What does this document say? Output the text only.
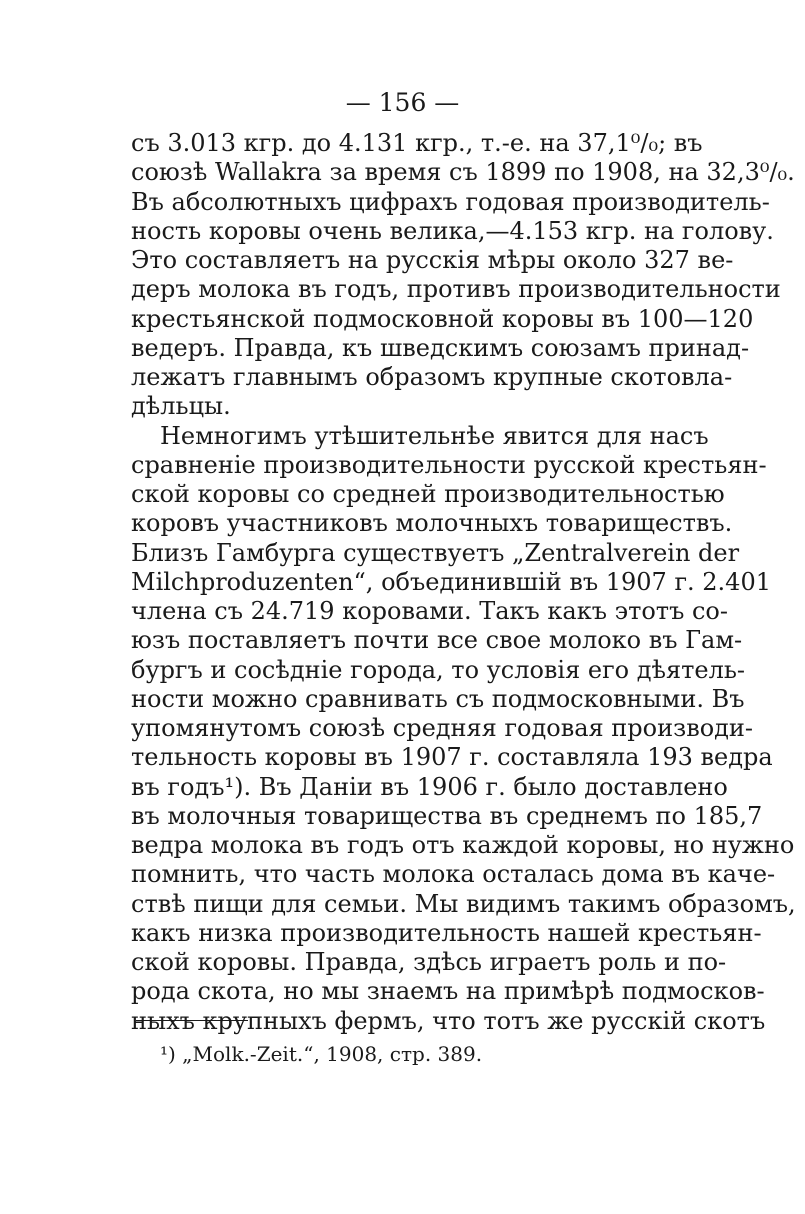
— 156 —
съ 3.013 кгр. до 4.131 кгр., т.-е. на 37,1⁰/₀; въ
союзѣ Wallakra за время съ 1899 по 1908, на 32,3⁰/₀.
Въ абсолютныхъ цифрахъ годовая производитель-
ность коровы очень велика,—4.153 кгр. на голову.
Это составляетъ на русскія мѣры около 327 ве-
деръ молока въ годъ, противъ производительности
крестьянской подмосковной коровы въ 100—120
ведеръ. Правда, къ шведскимъ союзамъ принад-
лежатъ главнымъ образомъ крупные скотовла-
дѣльцы.
Немногимъ утѣшительнѣе явится для насъ
сравненіе производительности русской крестьян-
ской коровы со средней производительностью
коровъ участниковъ молочныхъ товариществъ.
Близъ Гамбурга существуетъ „Zentralverein der
Milchproduzenten“, объединившій въ 1907 г. 2.401
члена съ 24.719 коровами. Такъ какъ этотъ со-
юзъ поставляетъ почти все свое молоко въ Гам-
бургъ и сосѣдніе города, то условія его дѣятель-
ности можно сравнивать съ подмосковными. Въ
упомянутомъ союзѣ средняя годовая производи-
тельность коровы въ 1907 г. составляла 193 ведра
въ годъ¹). Въ Даніи въ 1906 г. было доставлено
въ молочныя товарищества въ среднемъ по 185,7
ведра молока въ годъ отъ каждой коровы, но нужно
помнить, что часть молока осталась дома въ каче-
ствѣ пищи для семьи. Мы видимъ такимъ образомъ,
какъ низка производительность нашей крестьян-
ской коровы. Правда, здѣсь играетъ роль и по-
рода скота, но мы знаемъ на примѣрѣ подмосков-
ныхъ крупныхъ фермъ, что тотъ же русскій скотъ
¹) „Molk.-Zeit.“, 1908, стр. 389.
